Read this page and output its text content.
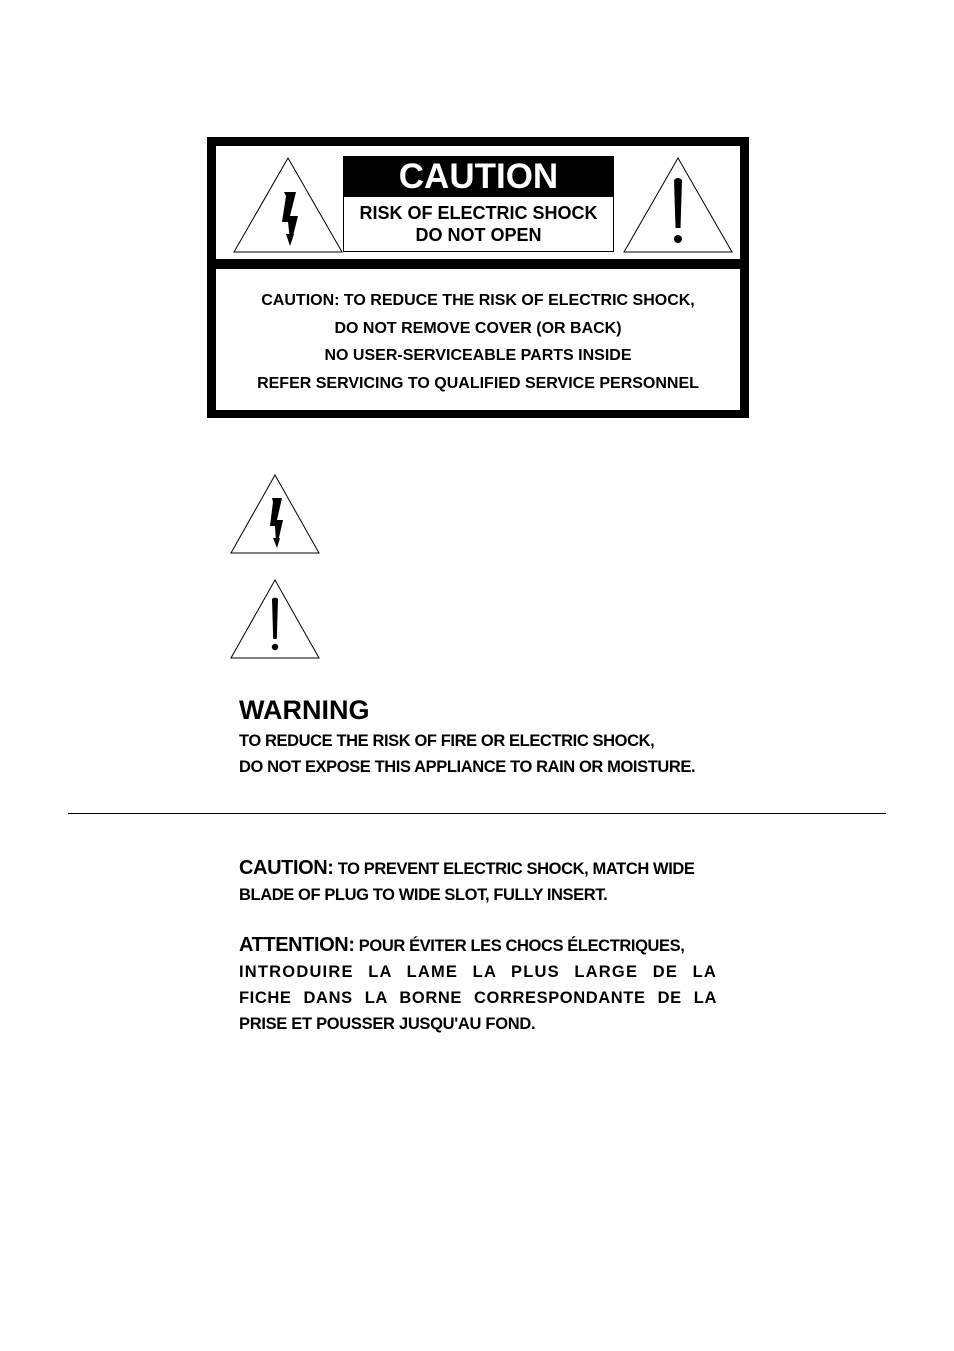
CAUTION
RISK OF ELECTRIC SHOCK
DO NOT OPEN
CAUTION: TO REDUCE THE RISK OF ELECTRIC SHOCK,
DO NOT REMOVE COVER (OR BACK)
NO USER-SERVICEABLE PARTS INSIDE
REFER SERVICING TO QUALIFIED SERVICE PERSONNEL
WARNING
TO REDUCE THE RISK OF FIRE OR ELECTRIC SHOCK,
DO NOT EXPOSE THIS APPLIANCE TO RAIN OR MOISTURE.
CAUTION: TO PREVENT ELECTRIC SHOCK, MATCH WIDE
BLADE OF PLUG TO WIDE SLOT, FULLY INSERT.
ATTENTION: POUR ÉVITER LES CHOCS ÉLECTRIQUES,
INTRODUIRE LA LAME LA PLUS LARGE DE LA
FICHE DANS LA BORNE CORRESPONDANTE DE LA
PRISE ET POUSSER JUSQU'AU FOND.
